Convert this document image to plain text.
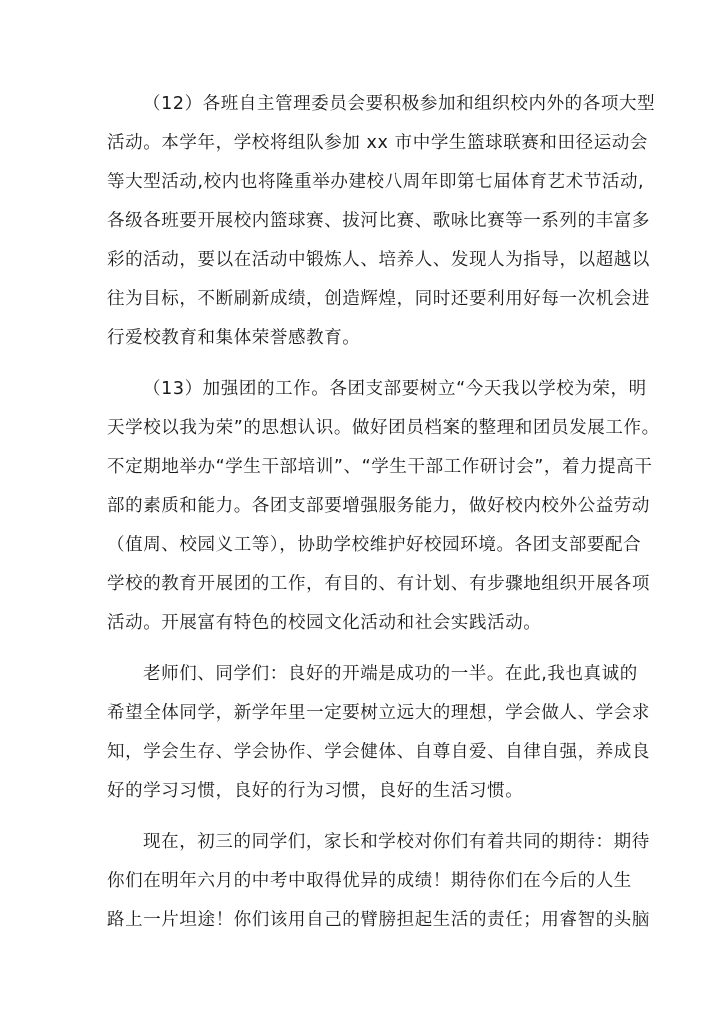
（12）各班自主管理委员会要积极参加和组织校内外的各项大型
活动。本学年，学校将组队参加 xx 市中学生篮球联赛和田径运动会
等大型活动,校内也将隆重举办建校八周年即第七届体育艺术节活动,
各级各班要开展校内篮球赛、拔河比赛、歌咏比赛等一系列的丰富多
彩的活动，要以在活动中锻炼人、培养人、发现人为指导，以超越以
往为目标，不断刷新成绩，创造辉煌，同时还要利用好每一次机会进
行爱校教育和集体荣誉感教育。
（13）加强团的工作。各团支部要树立“今天我以学校为荣，明
天学校以我为荣”的思想认识。做好团员档案的整理和团员发展工作。
不定期地举办“学生干部培训”、“学生干部工作研讨会”，着力提高干
部的素质和能力。各团支部要增强服务能力，做好校内校外公益劳动
（值周、校园义工等），协助学校维护好校园环境。各团支部要配合
学校的教育开展团的工作，有目的、有计划、有步骤地组织开展各项
活动。开展富有特色的校园文化活动和社会实践活动。
老师们、同学们：良好的开端是成功的一半。在此,我也真诚的
希望全体同学，新学年里一定要树立远大的理想，学会做人、学会求
知，学会生存、学会协作、学会健体、自尊自爱、自律自强，养成良
好的学习习惯，良好的行为习惯，良好的生活习惯。
现在，初三的同学们，家长和学校对你们有着共同的期待：期待
你们在明年六月的中考中取得优异的成绩！期待你们在今后的人生
路上一片坦途！你们该用自己的臂膀担起生活的责任；用睿智的头脑
